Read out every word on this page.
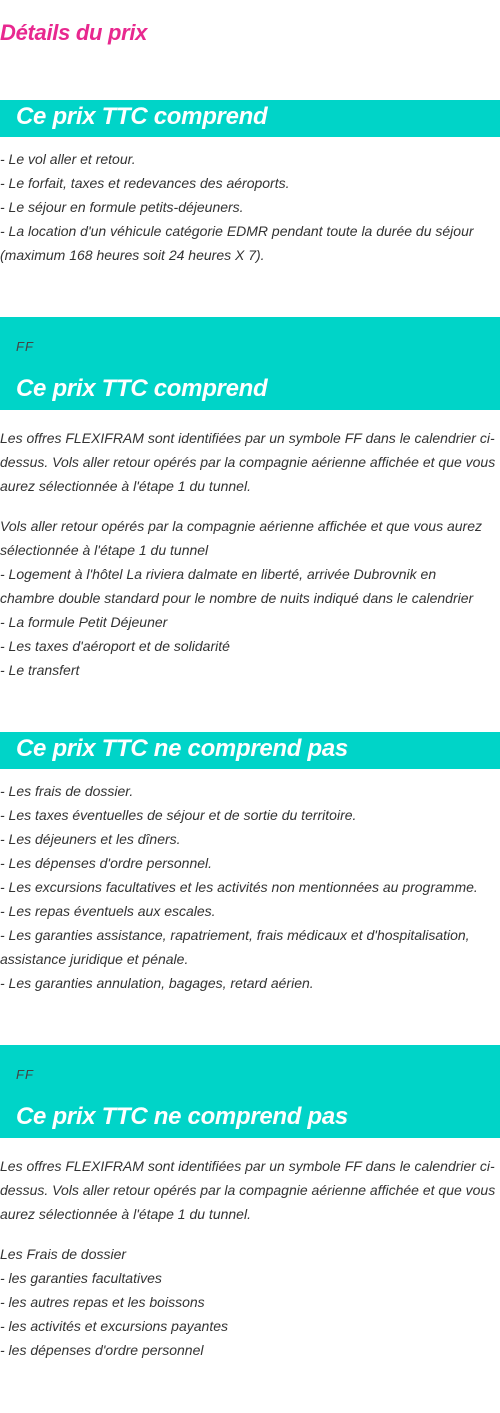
Détails du prix
Ce prix TTC comprend
- Le vol aller et retour.
- Le forfait, taxes et redevances des aéroports.
- Le séjour en formule petits-déjeuners.
- La location d'un véhicule catégorie EDMR pendant toute la durée du séjour
(maximum 168 heures soit 24 heures X 7).
FF
Ce prix TTC comprend
Les offres FLEXIFRAM sont identifiées par un symbole FF dans le calendrier ci-
dessus. Vols aller retour opérés par la compagnie aérienne affichée et que vous
aurez sélectionnée à l'étape 1 du tunnel.
Vols aller retour opérés par la compagnie aérienne affichée et que vous aurez
sélectionnée à l'étape 1 du tunnel
- Logement à l'hôtel La riviera dalmate en liberté, arrivée Dubrovnik en
chambre double standard pour le nombre de nuits indiqué dans le calendrier
- La formule Petit Déjeuner
- Les taxes d'aéroport et de solidarité
- Le transfert
Ce prix TTC ne comprend pas
- Les frais de dossier.
- Les taxes éventuelles de séjour et de sortie du territoire.
- Les déjeuners et les dîners.
- Les dépenses d'ordre personnel.
- Les excursions facultatives et les activités non mentionnées au programme.
- Les repas éventuels aux escales.
- Les garanties assistance, rapatriement, frais médicaux et d'hospitalisation,
assistance juridique et pénale.
- Les garanties annulation, bagages, retard aérien.
FF
Ce prix TTC ne comprend pas
Les offres FLEXIFRAM sont identifiées par un symbole FF dans le calendrier ci-
dessus. Vols aller retour opérés par la compagnie aérienne affichée et que vous
aurez sélectionnée à l'étape 1 du tunnel.
Les Frais de dossier
- les garanties facultatives
- les autres repas et les boissons
- les activités et excursions payantes
- les dépenses d'ordre personnel
